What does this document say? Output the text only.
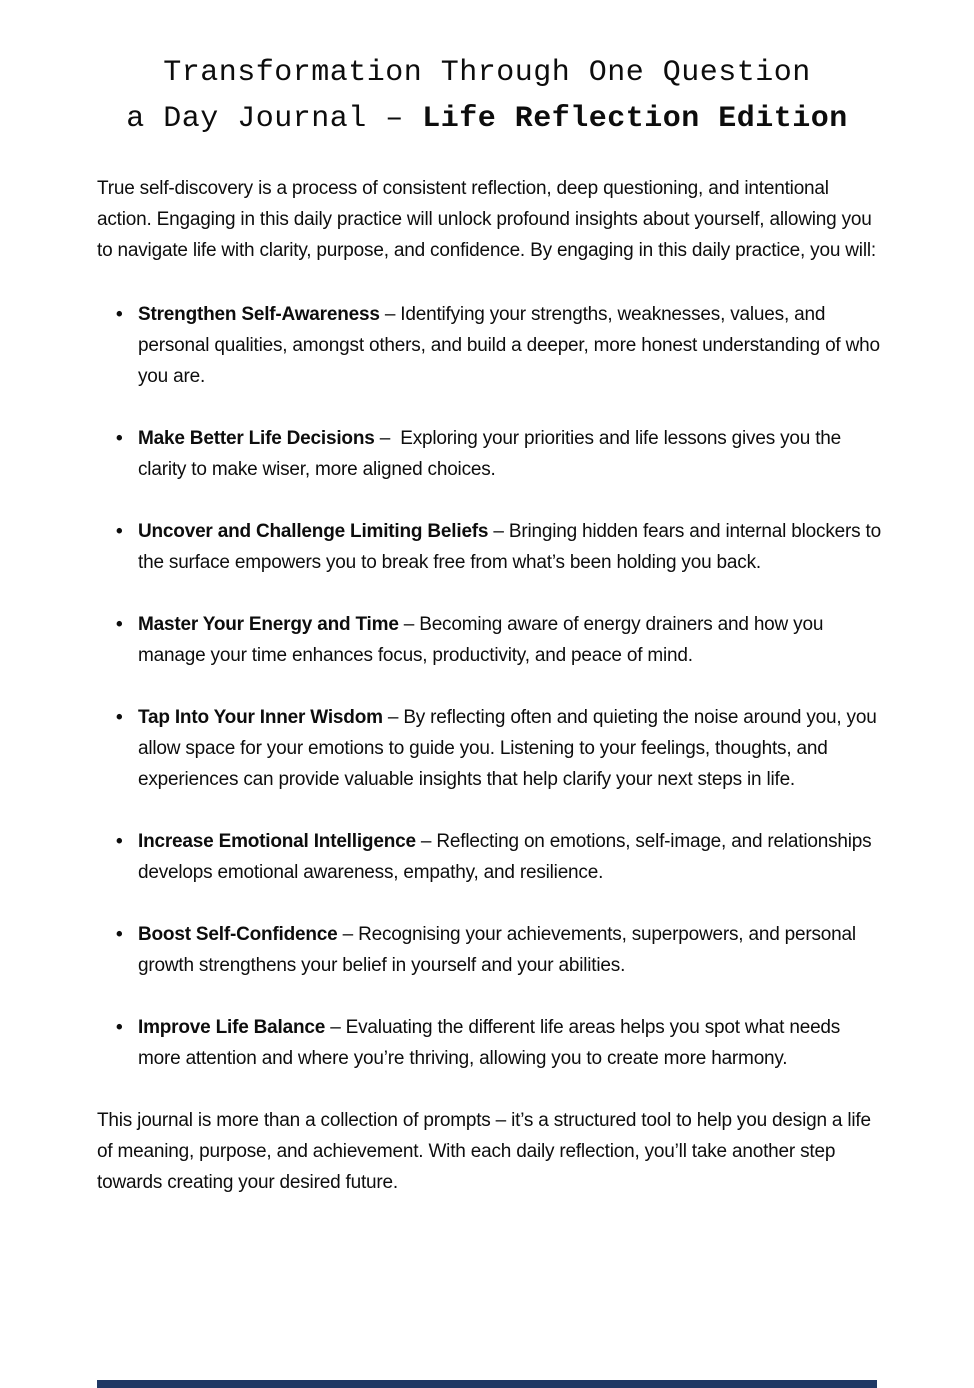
Transformation Through One Question
a Day Journal – Life Reflection Edition

True self-discovery is a process of consistent reflection, deep questioning, and intentional action. Engaging in this daily practice will unlock profound insights about yourself, allowing you to navigate life with clarity, purpose, and confidence. By engaging in this daily practice, you will:

• Strengthen Self-Awareness – Identifying your strengths, weaknesses, values, and personal qualities, amongst others, and build a deeper, more honest understanding of who you are.
• Make Better Life Decisions –  Exploring your priorities and life lessons gives you the clarity to make wiser, more aligned choices.
• Uncover and Challenge Limiting Beliefs – Bringing hidden fears and internal blockers to the surface empowers you to break free from what’s been holding you back.
• Master Your Energy and Time – Becoming aware of energy drainers and how you manage your time enhances focus, productivity, and peace of mind.
• Tap Into Your Inner Wisdom – By reflecting often and quieting the noise around you, you allow space for your emotions to guide you. Listening to your feelings, thoughts, and experiences can provide valuable insights that help clarify your next steps in life.
• Increase Emotional Intelligence – Reflecting on emotions, self-image, and relationships develops emotional awareness, empathy, and resilience.
• Boost Self-Confidence – Recognising your achievements, superpowers, and personal growth strengthens your belief in yourself and your abilities.
• Improve Life Balance – Evaluating the different life areas helps you spot what needs more attention and where you’re thriving, allowing you to create more harmony.

This journal is more than a collection of prompts – it’s a structured tool to help you design a life of meaning, purpose, and achievement. With each daily reflection, you’ll take another step towards creating your desired future.
